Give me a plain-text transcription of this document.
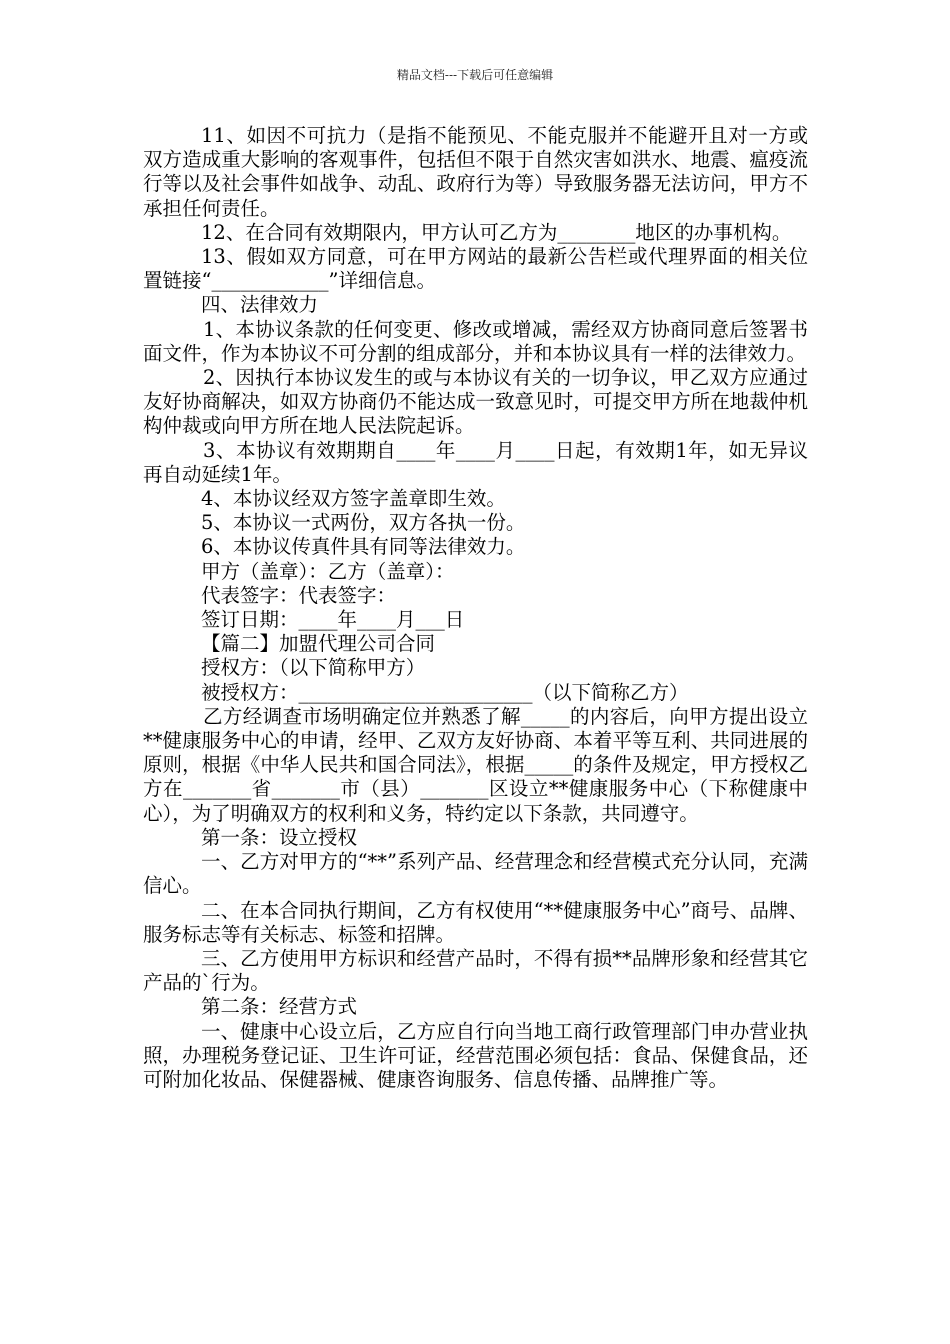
精品文档---下载后可任意编辑

11、如因不可抗力（是指不能预见、不能克服并不能避开且对一方或双方造成重大影响的客观事件，包括但不限于自然灾害如洪水、地震、瘟疫流行等以及社会事件如战争、动乱、政府行为等）导致服务器无法访问，甲方不承担任何责任。

12、在合同有效期限内，甲方认可乙方为________地区的办事机构。

13、假如双方同意，可在甲方网站的最新公告栏或代理界面的相关位置链接“____________”详细信息。

四、法律效力

1、本协议条款的任何变更、修改或增减，需经双方协商同意后签署书面文件，作为本协议不可分割的组成部分，并和本协议具有一样的法律效力。

2、因执行本协议发生的或与本协议有关的一切争议，甲乙双方应通过友好协商解决，如双方协商仍不能达成一致意见时，可提交甲方所在地裁仲机构仲裁或向甲方所在地人民法院起诉。

3、本协议有效期期自____年____月____日起，有效期1年，如无异议再自动延续1年。

4、本协议经双方签字盖章即生效。

5、本协议一式两份，双方各执一份。

6、本协议传真件具有同等法律效力。

甲方（盖章）：乙方（盖章）：

代表签字：代表签字：

签订日期：____年____月___日

【篇二】加盟代理公司合同

授权方：（以下简称甲方）

被授权方：________________________（以下简称乙方）

乙方经调查市场明确定位并熟悉了解_____的内容后，向甲方提出设立**健康服务中心的申请，经甲、乙双方友好协商、本着平等互利、共同进展的原则，根据《中华人民共和国合同法》，根据_____的条件及规定，甲方授权乙方在_______省_______市（县）_______区设立**健康服务中心（下称健康中心），为了明确双方的权利和义务，特约定以下条款，共同遵守。

第一条：设立授权

一、乙方对甲方的“**”系列产品、经营理念和经营模式充分认同，充满信心。

二、在本合同执行期间，乙方有权使用“**健康服务中心”商号、品牌、服务标志等有关标志、标签和招牌。

三、乙方使用甲方标识和经营产品时，不得有损**品牌形象和经营其它产品的`行为。

第二条：经营方式

一、健康中心设立后，乙方应自行向当地工商行政管理部门申办营业执照，办理税务登记证、卫生许可证，经营范围必须包括：食品、保健食品，还可附加化妆品、保健器械、健康咨询服务、信息传播、品牌推广等。
